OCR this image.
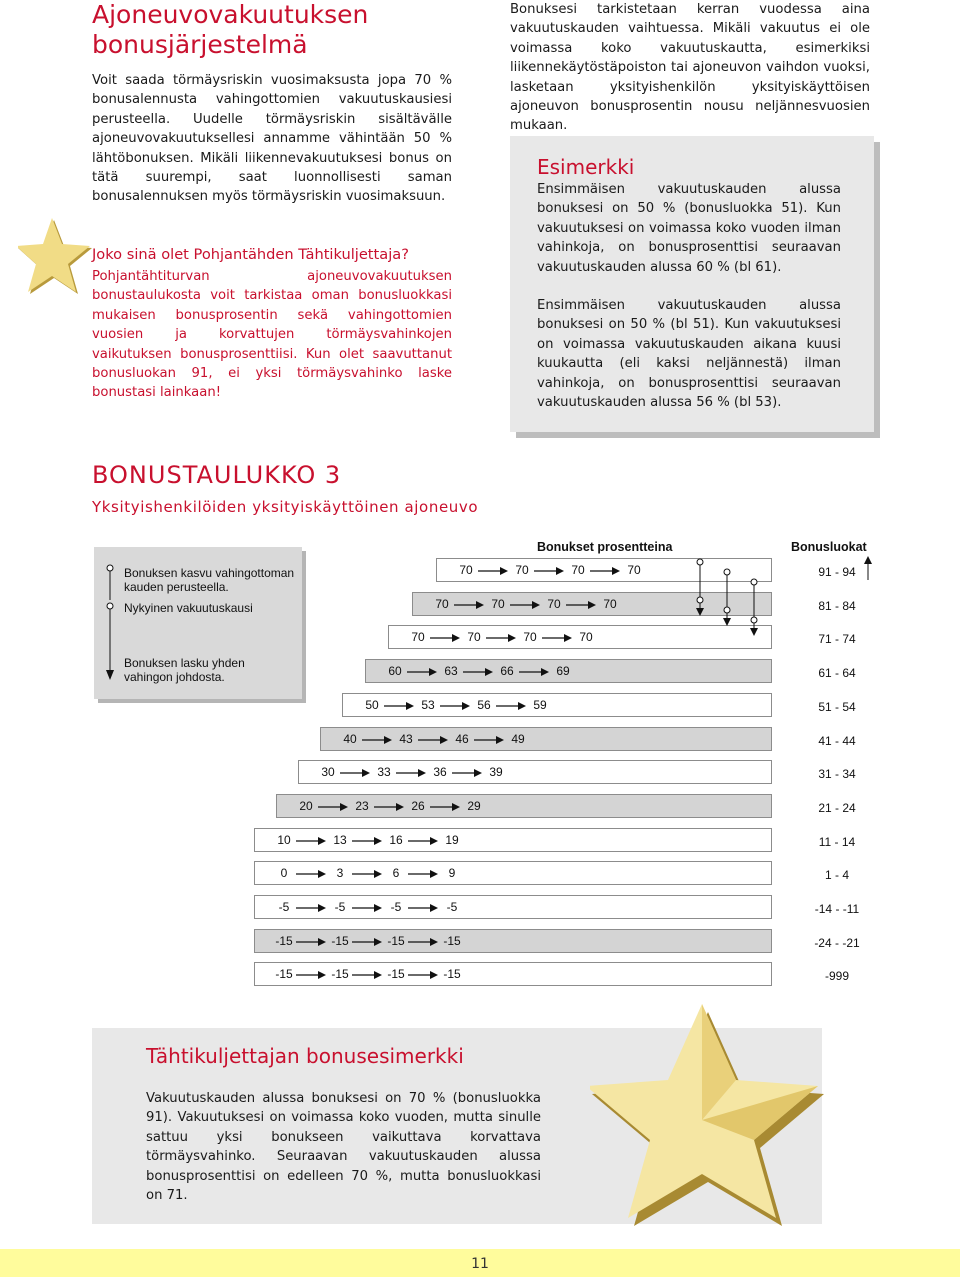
Ajoneuvovakuutuksen bonusjärjestelmä
Voit saada törmäysriskin vuosimaksusta jopa 70 % bonusalennusta vahingottomien vakuutuskausiesi perusteella. Uudelle törmäysriskin sisältävälle ajoneuvovakuutuksellesi annamme vähintään 50 % lähtöbonuksen. Mikäli liikennevakuutuksesi bonus on tätä suurempi, saat luonnollisesti saman bonusalennuksen myös törmäysriskin vuosimaksuun.
Joko sinä olet Pohjantähden Tähtikuljettaja?
Pohjantähtiturvan ajoneuvovakuutuksen bonustaulukosta voit tarkistaa oman bonusluokkasi mukaisen bonusprosentin sekä vahingottomien vuosien ja korvattujen törmäysvahinkojen vaikutuksen bonusprosenttiisi. Kun olet saavuttanut bonusluokan 91, ei yksi törmäysvahinko laske bonustasi lainkaan!
Bonuksesi tarkistetaan kerran vuodessa aina vakuutuskauden vaihtuessa. Mikäli vakuutus ei ole voimassa koko vakuutuskautta, esimerkiksi liikennekäytöstäpoiston tai ajoneuvon vaihdon vuoksi, lasketaan yksityishenkilön yksityiskäyttöisen ajoneuvon bonusprosentin nousu neljännesvuosien mukaan.
Esimerkki
Ensimmäisen vakuutuskauden alussa bonuksesi on 50 % (bonusluokka 51). Kun vakuutuksesi on voimassa koko vuoden ilman vahinkoja, on bonusprosenttisi seuraavan vakuutuskauden alussa 60 % (bl 61).
Ensimmäisen vakuutuskauden alussa bonuksesi on 50 % (bl 51). Kun vakuutuksesi on voimassa vakuutuskauden aikana kuusi kuukautta (eli kaksi neljännestä) ilman vahinkoja, on bonusprosenttisi seuraavan vakuutuskauden alussa 56 % (bl 53).
BONUSTAULUKKO 3
Yksityishenkilöiden yksityiskäyttöinen ajoneuvo
Bonuksen kasvu vahingottoman kauden perusteella.
Nykyinen vakuutuskausi
Bonuksen lasku yhden vahingon johdosta.
Bonukset prosentteina	Bonusluokat
70	70	70	70	91 - 94
70	70	70	70	81 - 84
70	70	70	70	71 - 74
60	63	66	69	61 - 64
50	53	56	59	51 - 54
40	43	46	49	41 - 44
30	33	36	39	31 - 34
20	23	26	29	21 - 24
10	13	16	19	11 - 14
0	3	6	9	1 - 4
-5	-5	-5	-5	-14 - -11
-15	-15	-15	-15	-24 - -21
-15	-15	-15	-15	-999
Tähtikuljettajan bonusesimerkki
Vakuutuskauden alussa bonuksesi on 70 % (bonusluokka 91). Vakuutuksesi on voimassa koko vuoden, mutta sinulle sattuu yksi bonukseen vaikuttava korvattava törmäysvahinko. Seuraavan vakuutuskauden alussa bonusprosenttisi on edelleen 70 %, mutta bonusluokkasi on 71.
11
